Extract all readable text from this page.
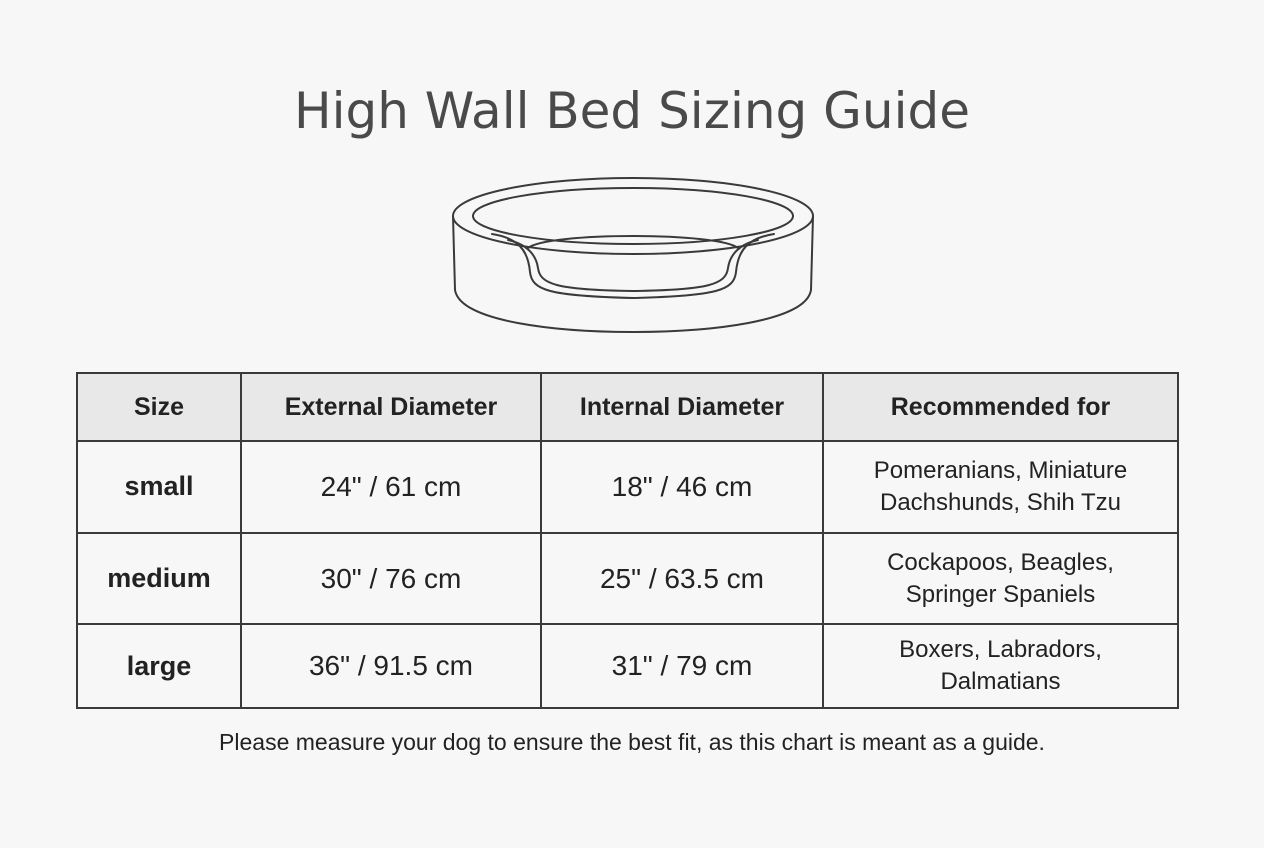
High Wall Bed Sizing Guide
Size	External Diameter	Internal Diameter	Recommended for
small	24" / 61 cm	18" / 46 cm	Pomeranians, Miniature
Dachshunds, Shih Tzu

medium	30" / 76 cm	25" / 63.5 cm	Cockapoos, Beagles,
Springer Spaniels

large	36" / 91.5 cm	31" / 79 cm	Boxers, Labradors,
Dalmatians
Please measure your dog to ensure the best fit, as this chart is meant as a guide.
